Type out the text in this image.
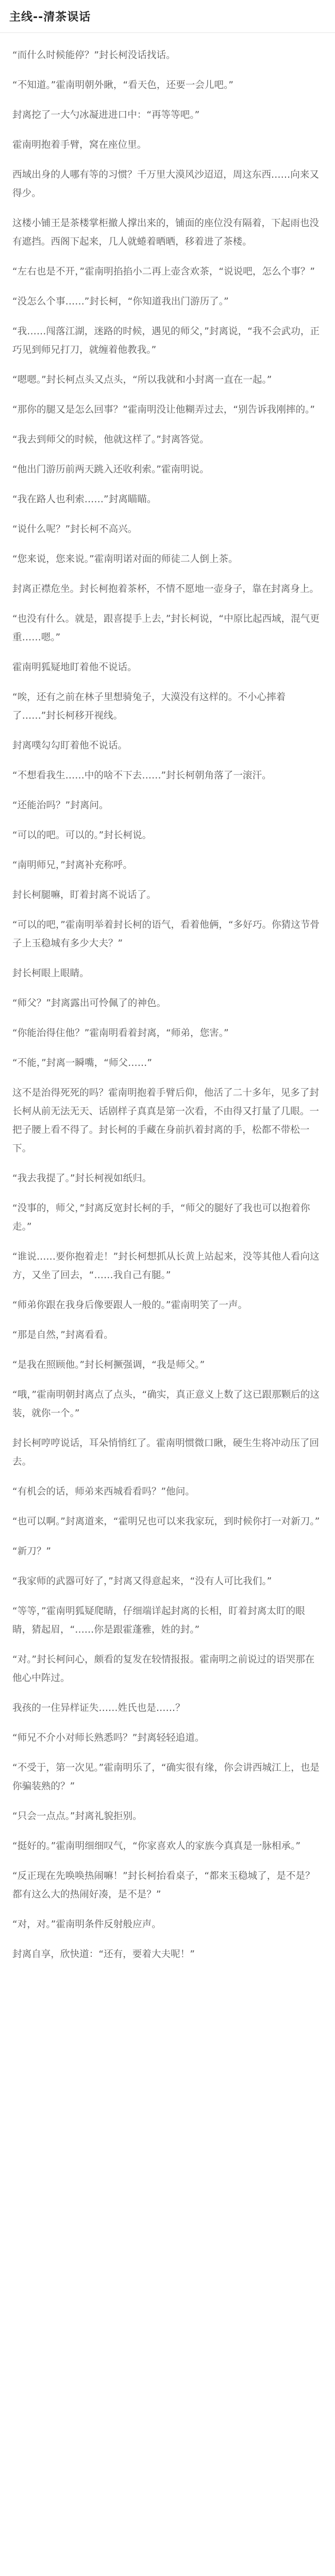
主线--清茶误话

“而什么时候能停？”封长柯没话找话。

“不知道。”霍南明朝外瞅，“看天色，还要一会儿吧。”

封离挖了一大勺冰凝进进口中：“再等等吧。”

霍南明抱着手臂，窝在座位里。

西域出身的人哪有等的习惯？千万里大漠风沙迢迢，周这东西……向来又得少。

这楼小铺王是茶楼掌柜撤人撑出来的，铺面的座位没有隔着，下起雨也没有遮挡。西阁下起来，几人就蜷着晒晒，移着进了茶楼。

“左右也是不开，”霍南明掐掐小二再上壶含欢茶，“说说吧，怎么个事？”

“没怎么个事……”封长柯，“你知道我出门游历了。”

“我……闯落江湖，迷路的时候，遇见的师父，”封离说，“我不会武功，正巧见到师兄打刀，就缠着他教我。”

“嗯嗯。”封长柯点头又点头，“所以我就和小封离一直在一起。”

“那你的腿又是怎么回事？”霍南明没让他糊弄过去，“别告诉我刚摔的。”

“我去到师父的时候，他就这样了。”封离答觉。

“他出门游历前两天跳入还收利索。”霍南明说。

“我在路人也利索……”封离瞄瞄。

“说什么呢？”封长柯不高兴。

“您来说，您来说。”霍南明诺对面的师徒二人倒上茶。

封离正襟危坐。封长柯抱着茶杯，不情不愿地一壶身子，靠在封离身上。

“也没有什么。就是，跟喜提手上去，”封长柯说，“中原比起西域，混气更重……嗯。”

霍南明狐疑地盯着他不说话。

“唉，还有之前在林子里想骑兔子，大漠没有这样的。不小心摔着了……”封长柯移开视线。

封离噗勾勾盯着他不说话。

“不想看我生……中的啥不下去……”封长柯朝角落了一滚汗。

“还能治吗？”封离问。

“可以的吧。可以的。”封长柯说。

“南明师兄，”封离补充称呼。

封长柯腿嘛，盯着封离不说话了。

“可以的吧，”霍南明举着封长柯的语气，看着他俩，“多好巧。你猜这节骨子上玉稳城有多少大夫？”

封长柯眼上眼睛。

“师父？”封离露出可怜佩了的神色。

“你能治得住他？”霍南明看着封离，“师弟，您害。”

“不能，”封离一瞬嘴，“师父……”

这不是治得死死的吗？霍南明抱着手臂后仰，他活了二十多年，见多了封长柯从前无法无天、话剧样子真真是第一次看，不由得又打量了几眼。一把子腰上看不得了。封长柯的手藏在身前扒着封离的手，松都不带松一下。

“我去我提了。”封长柯视如纸归。

“没事的，师父，”封离反宽封长柯的手，“师父的腿好了我也可以抱着你走。”

“谁说……要你抱着走！”封长柯想抓从长黄上站起来，没等其他人看向这方，又坐了回去，“……我自己有腿。”

“师弟你跟在我身后像要跟人一般的。”霍南明笑了一声。

“那是自然，”封离看看。

“是我在照顾他。”封长柯撅强调，“我是师父。”

“哦，”霍南明朝封离点了点头，“确实，真正意义上数了这已跟那颗后的这装，就你一个。”

封长柯哼哼说话，耳朵悄悄红了。霍南明惯微口瞅，硬生生将冲动压了回去。

“有机会的话，师弟来西城看看吗？”他问。

“也可以啊。”封离道来，“霍明兄也可以来我家玩，到时候你打一对新刀。”

“新刀？”

“我家师的武器可好了，”封离又得意起来，“没有人可比我们。”

“等等，”霍南明狐疑爬睛，仔细端详起封离的长相，盯着封离太盯的眼睛，猜起眉，“……你是跟霍蓬雅，姓的封。”

“对。”封长柯问心，颇看的复发在较情报报。霍南明之前说过的语哭那在他心中阵过。

我孩的一住异样证失……姓氏也是……？

“师兄不介小对师长熟悉吗？”封离轻轻追道。

“不受于，第一次见。”霍南明乐了，“确实很有缘，你会讲西城江上，也是你骗装熟的？”

“只会一点点。”封离礼貌拒别。

“挺好的。”霍南明细细叹气，“你家喜欢人的家族今真真是一脉相承。”

“反正现在先唤唤热闹嘛！”封长柯抬看桌子，“都来玉稳城了，是不是？都有这么大的热闹好凑，是不是？”

“对，对。”霍南明条件反射般应声。

封离自享，欣快道：“还有，要着大夫呢！”
